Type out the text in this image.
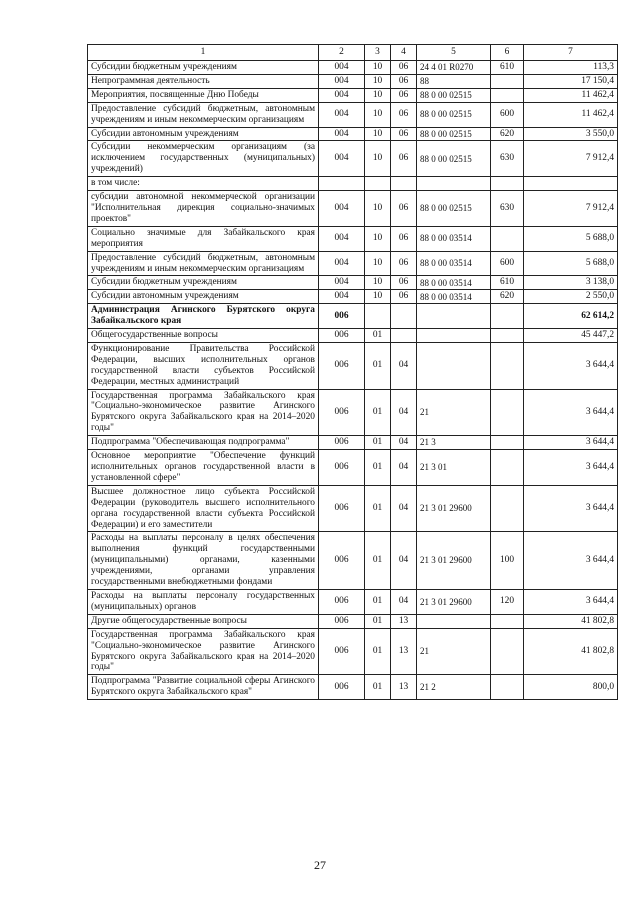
1	2	3	4	5	6	7
Субсидии бюджетным учреждениям	004	10	06	24 4 01 R0270	610	113,3
Непрограммная деятельность	004	10	06	88		17 150,4
Мероприятия, посвященные Дню Победы	004	10	06	88 0 00 02515		11 462,4
Предоставление субсидий бюджетным, автономным учреждениям и иным некоммерческим организациям	004	10	06	88 0 00 02515	600	11 462,4
Субсидии автономным учреждениям	004	10	06	88 0 00 02515	620	3 550,0
Субсидии некоммерческим организациям (за исключением государственных (муниципальных) учреждений)	004	10	06	88 0 00 02515	630	7 912,4
в том числе:						
субсидии автономной некоммерческой организации "Исполнительная дирекция социально-значимых проектов"	004	10	06	88 0 00 02515	630	7 912,4
Социально значимые для Забайкальского края мероприятия	004	10	06	88 0 00 03514		5 688,0
Предоставление субсидий бюджетным, автономным учреждениям и иным некоммерческим организациям	004	10	06	88 0 00 03514	600	5 688,0
Субсидии бюджетным учреждениям	004	10	06	88 0 00 03514	610	3 138,0
Субсидии автономным учреждениям	004	10	06	88 0 00 03514	620	2 550,0
Администрация Агинского Бурятского округа Забайкальского края	006					62 614,2
Общегосударственные вопросы	006	01				45 447,2
Функционирование Правительства Российской Федерации, высших исполнительных органов государственной власти субъектов Российской Федерации, местных администраций	006	01	04			3 644,4
Государственная программа Забайкальского края "Социально-экономическое развитие Агинского Бурятского округа Забайкальского края на 2014–2020 годы"	006	01	04	21		3 644,4
Подпрограмма "Обеспечивающая подпрограмма"	006	01	04	21 3		3 644,4
Основное мероприятие "Обеспечение функций исполнительных органов государственной власти в установленной сфере"	006	01	04	21 3 01		3 644,4
Высшее должностное лицо субъекта Российской Федерации (руководитель высшего исполнительного органа государственной власти субъекта Российской Федерации) и его заместители	006	01	04	21 3 01 29600		3 644,4
Расходы на выплаты персоналу в целях обеспечения выполнения функций государственными (муниципальными) органами, казенными учреждениями, органами управления государственными внебюджетными фондами	006	01	04	21 3 01 29600	100	3 644,4
Расходы на выплаты персоналу государственных (муниципальных) органов	006	01	04	21 3 01 29600	120	3 644,4
Другие общегосударственные вопросы	006	01	13			41 802,8
Государственная программа Забайкальского края "Социально-экономическое развитие Агинского Бурятского округа Забайкальского края на 2014–2020 годы"	006	01	13	21		41 802,8
Подпрограмма "Развитие социальной сферы Агинского Бурятского округа Забайкальского края"	006	01	13	21 2		800,0
27
